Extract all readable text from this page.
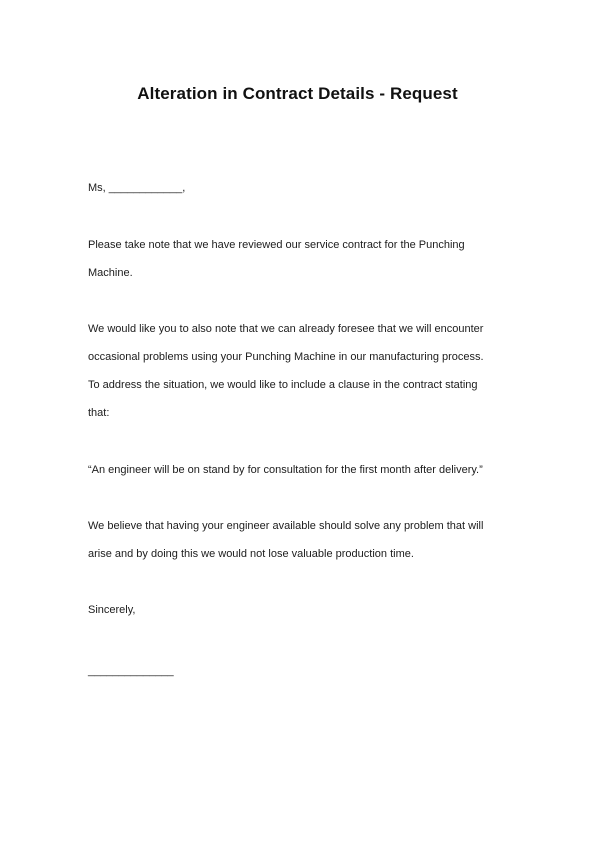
Alteration in Contract Details - Request
Ms, ____________,
Please take note that we have reviewed our service contract for the Punching
Machine.
We would like you to also note that we can already foresee that we will encounter
occasional problems using your Punching Machine in our manufacturing process.
To address the situation, we would like to include a clause in the contract stating
that:
“An engineer will be on stand by for consultation for the first month after delivery.”
We believe that having your engineer available should solve any problem that will
arise and by doing this we would not lose valuable production time.
Sincerely,
______________
